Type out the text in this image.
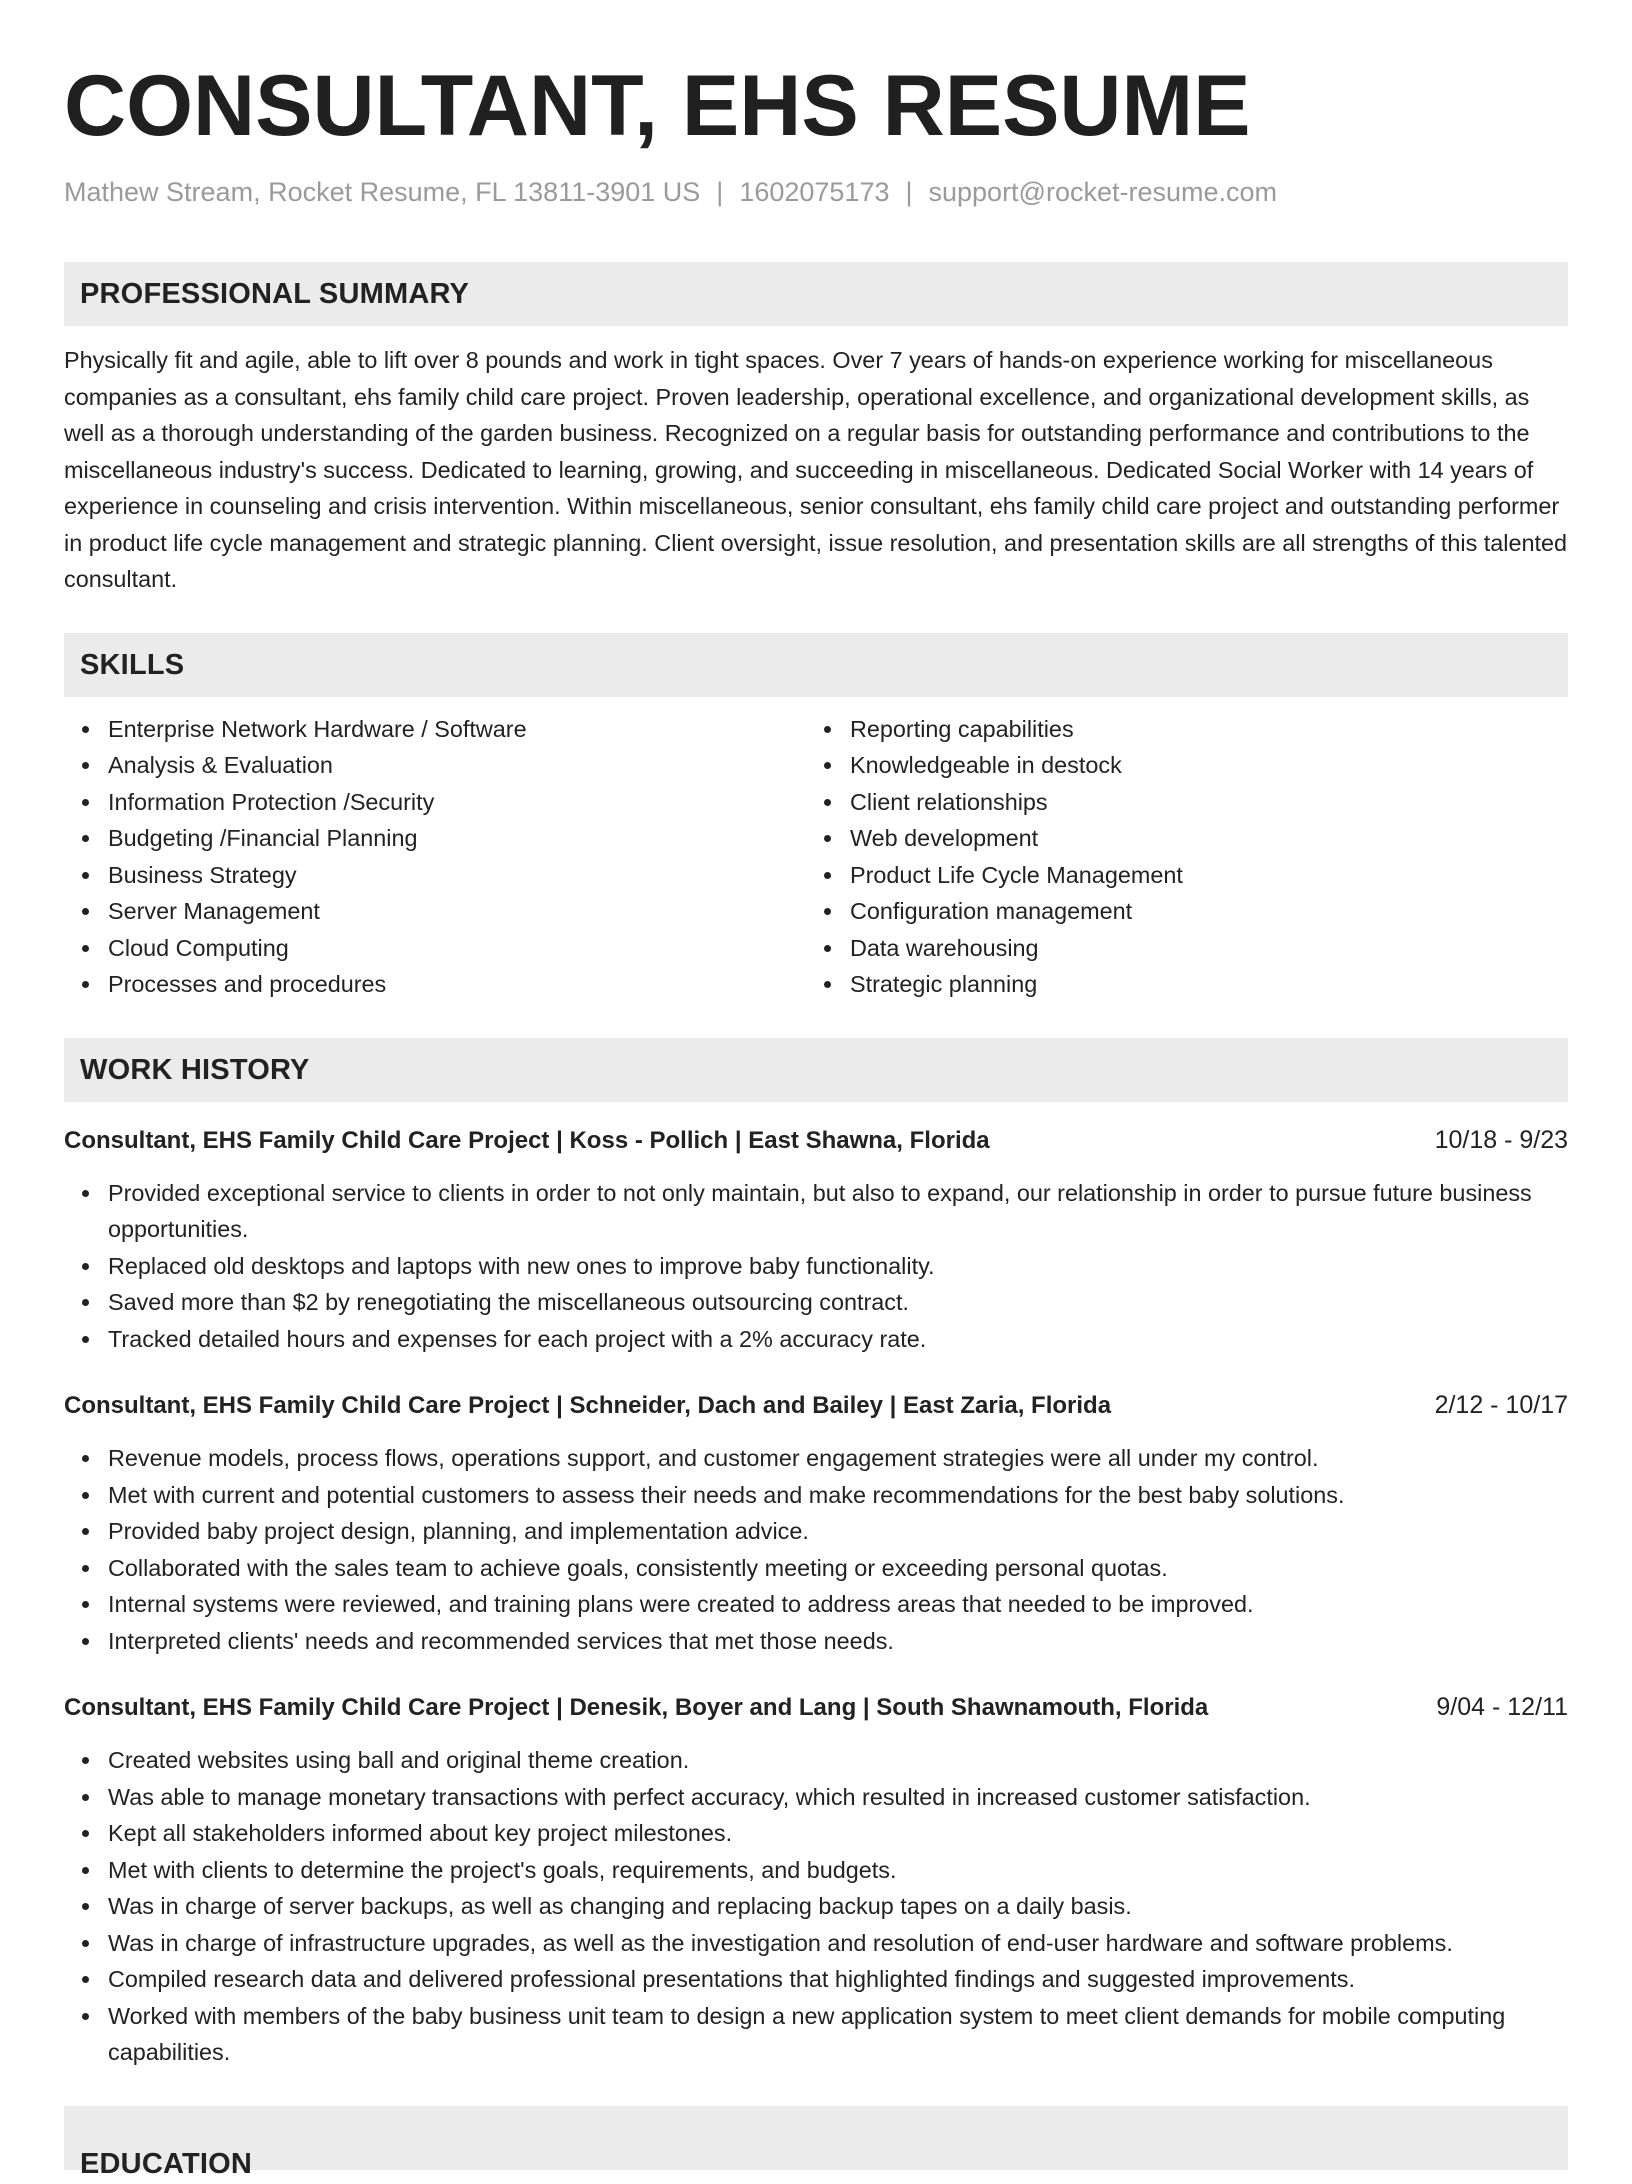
CONSULTANT, EHS RESUME
Mathew Stream, Rocket Resume, FL 13811-3901 US | 1602075173 | support@rocket-resume.com
PROFESSIONAL SUMMARY
Physically fit and agile, able to lift over 8 pounds and work in tight spaces. Over 7 years of hands-on experience working for miscellaneous companies as a consultant, ehs family child care project. Proven leadership, operational excellence, and organizational development skills, as well as a thorough understanding of the garden business. Recognized on a regular basis for outstanding performance and contributions to the miscellaneous industry's success. Dedicated to learning, growing, and succeeding in miscellaneous. Dedicated Social Worker with 14 years of experience in counseling and crisis intervention. Within miscellaneous, senior consultant, ehs family child care project and outstanding performer in product life cycle management and strategic planning. Client oversight, issue resolution, and presentation skills are all strengths of this talented consultant.
SKILLS
Enterprise Network Hardware / Software
Analysis & Evaluation
Information Protection /Security
Budgeting /Financial Planning
Business Strategy
Server Management
Cloud Computing
Processes and procedures
Reporting capabilities
Knowledgeable in destock
Client relationships
Web development
Product Life Cycle Management
Configuration management
Data warehousing
Strategic planning
WORK HISTORY
Consultant, EHS Family Child Care Project | Koss - Pollich | East Shawna, Florida	10/18 - 9/23
Provided exceptional service to clients in order to not only maintain, but also to expand, our relationship in order to pursue future business opportunities.
Replaced old desktops and laptops with new ones to improve baby functionality.
Saved more than $2 by renegotiating the miscellaneous outsourcing contract.
Tracked detailed hours and expenses for each project with a 2% accuracy rate.
Consultant, EHS Family Child Care Project | Schneider, Dach and Bailey | East Zaria, Florida	2/12 - 10/17
Revenue models, process flows, operations support, and customer engagement strategies were all under my control.
Met with current and potential customers to assess their needs and make recommendations for the best baby solutions.
Provided baby project design, planning, and implementation advice.
Collaborated with the sales team to achieve goals, consistently meeting or exceeding personal quotas.
Internal systems were reviewed, and training plans were created to address areas that needed to be improved.
Interpreted clients' needs and recommended services that met those needs.
Consultant, EHS Family Child Care Project | Denesik, Boyer and Lang | South Shawnamouth, Florida	9/04 - 12/11
Created websites using ball and original theme creation.
Was able to manage monetary transactions with perfect accuracy, which resulted in increased customer satisfaction.
Kept all stakeholders informed about key project milestones.
Met with clients to determine the project's goals, requirements, and budgets.
Was in charge of server backups, as well as changing and replacing backup tapes on a daily basis.
Was in charge of infrastructure upgrades, as well as the investigation and resolution of end-user hardware and software problems.
Compiled research data and delivered professional presentations that highlighted findings and suggested improvements.
Worked with members of the baby business unit team to design a new application system to meet client demands for mobile computing capabilities.
EDUCATION
